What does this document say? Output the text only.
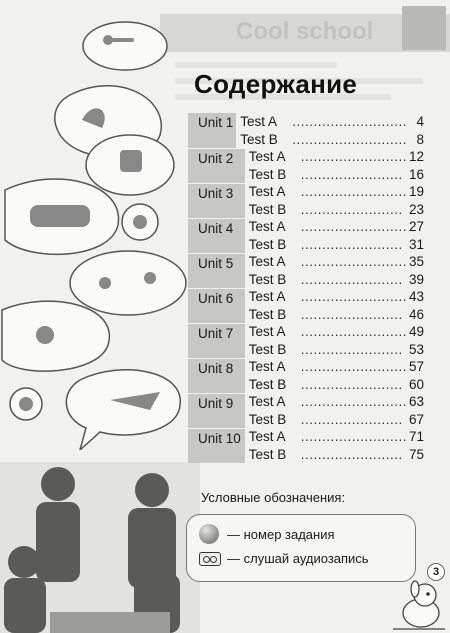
Cool school
Содержание
Unit 1 Test A	........................... 4
Test B	........................... 8
Unit 2	Test A	......................... 12
Test B	........................ 16
Unit 3	Test A	......................... 19
Test B	........................ 23
Unit 4	Test A	......................... 27
Test B	........................ 31
Unit 5	Test A	......................... 35
Test B	........................ 39
Unit 6	Test A	......................... 43
Test B	........................ 46
Unit 7	Test A	......................... 49
Test B	........................ 53
Unit 8	Test A	......................... 57
Test B	........................ 60
Unit 9	Test A	......................... 63
Test B	........................ 67
Unit 10 Test A	......................... 71
Test B	........................ 75
Условные обозначения:
— номер задания
— слушай аудиозапись
3
